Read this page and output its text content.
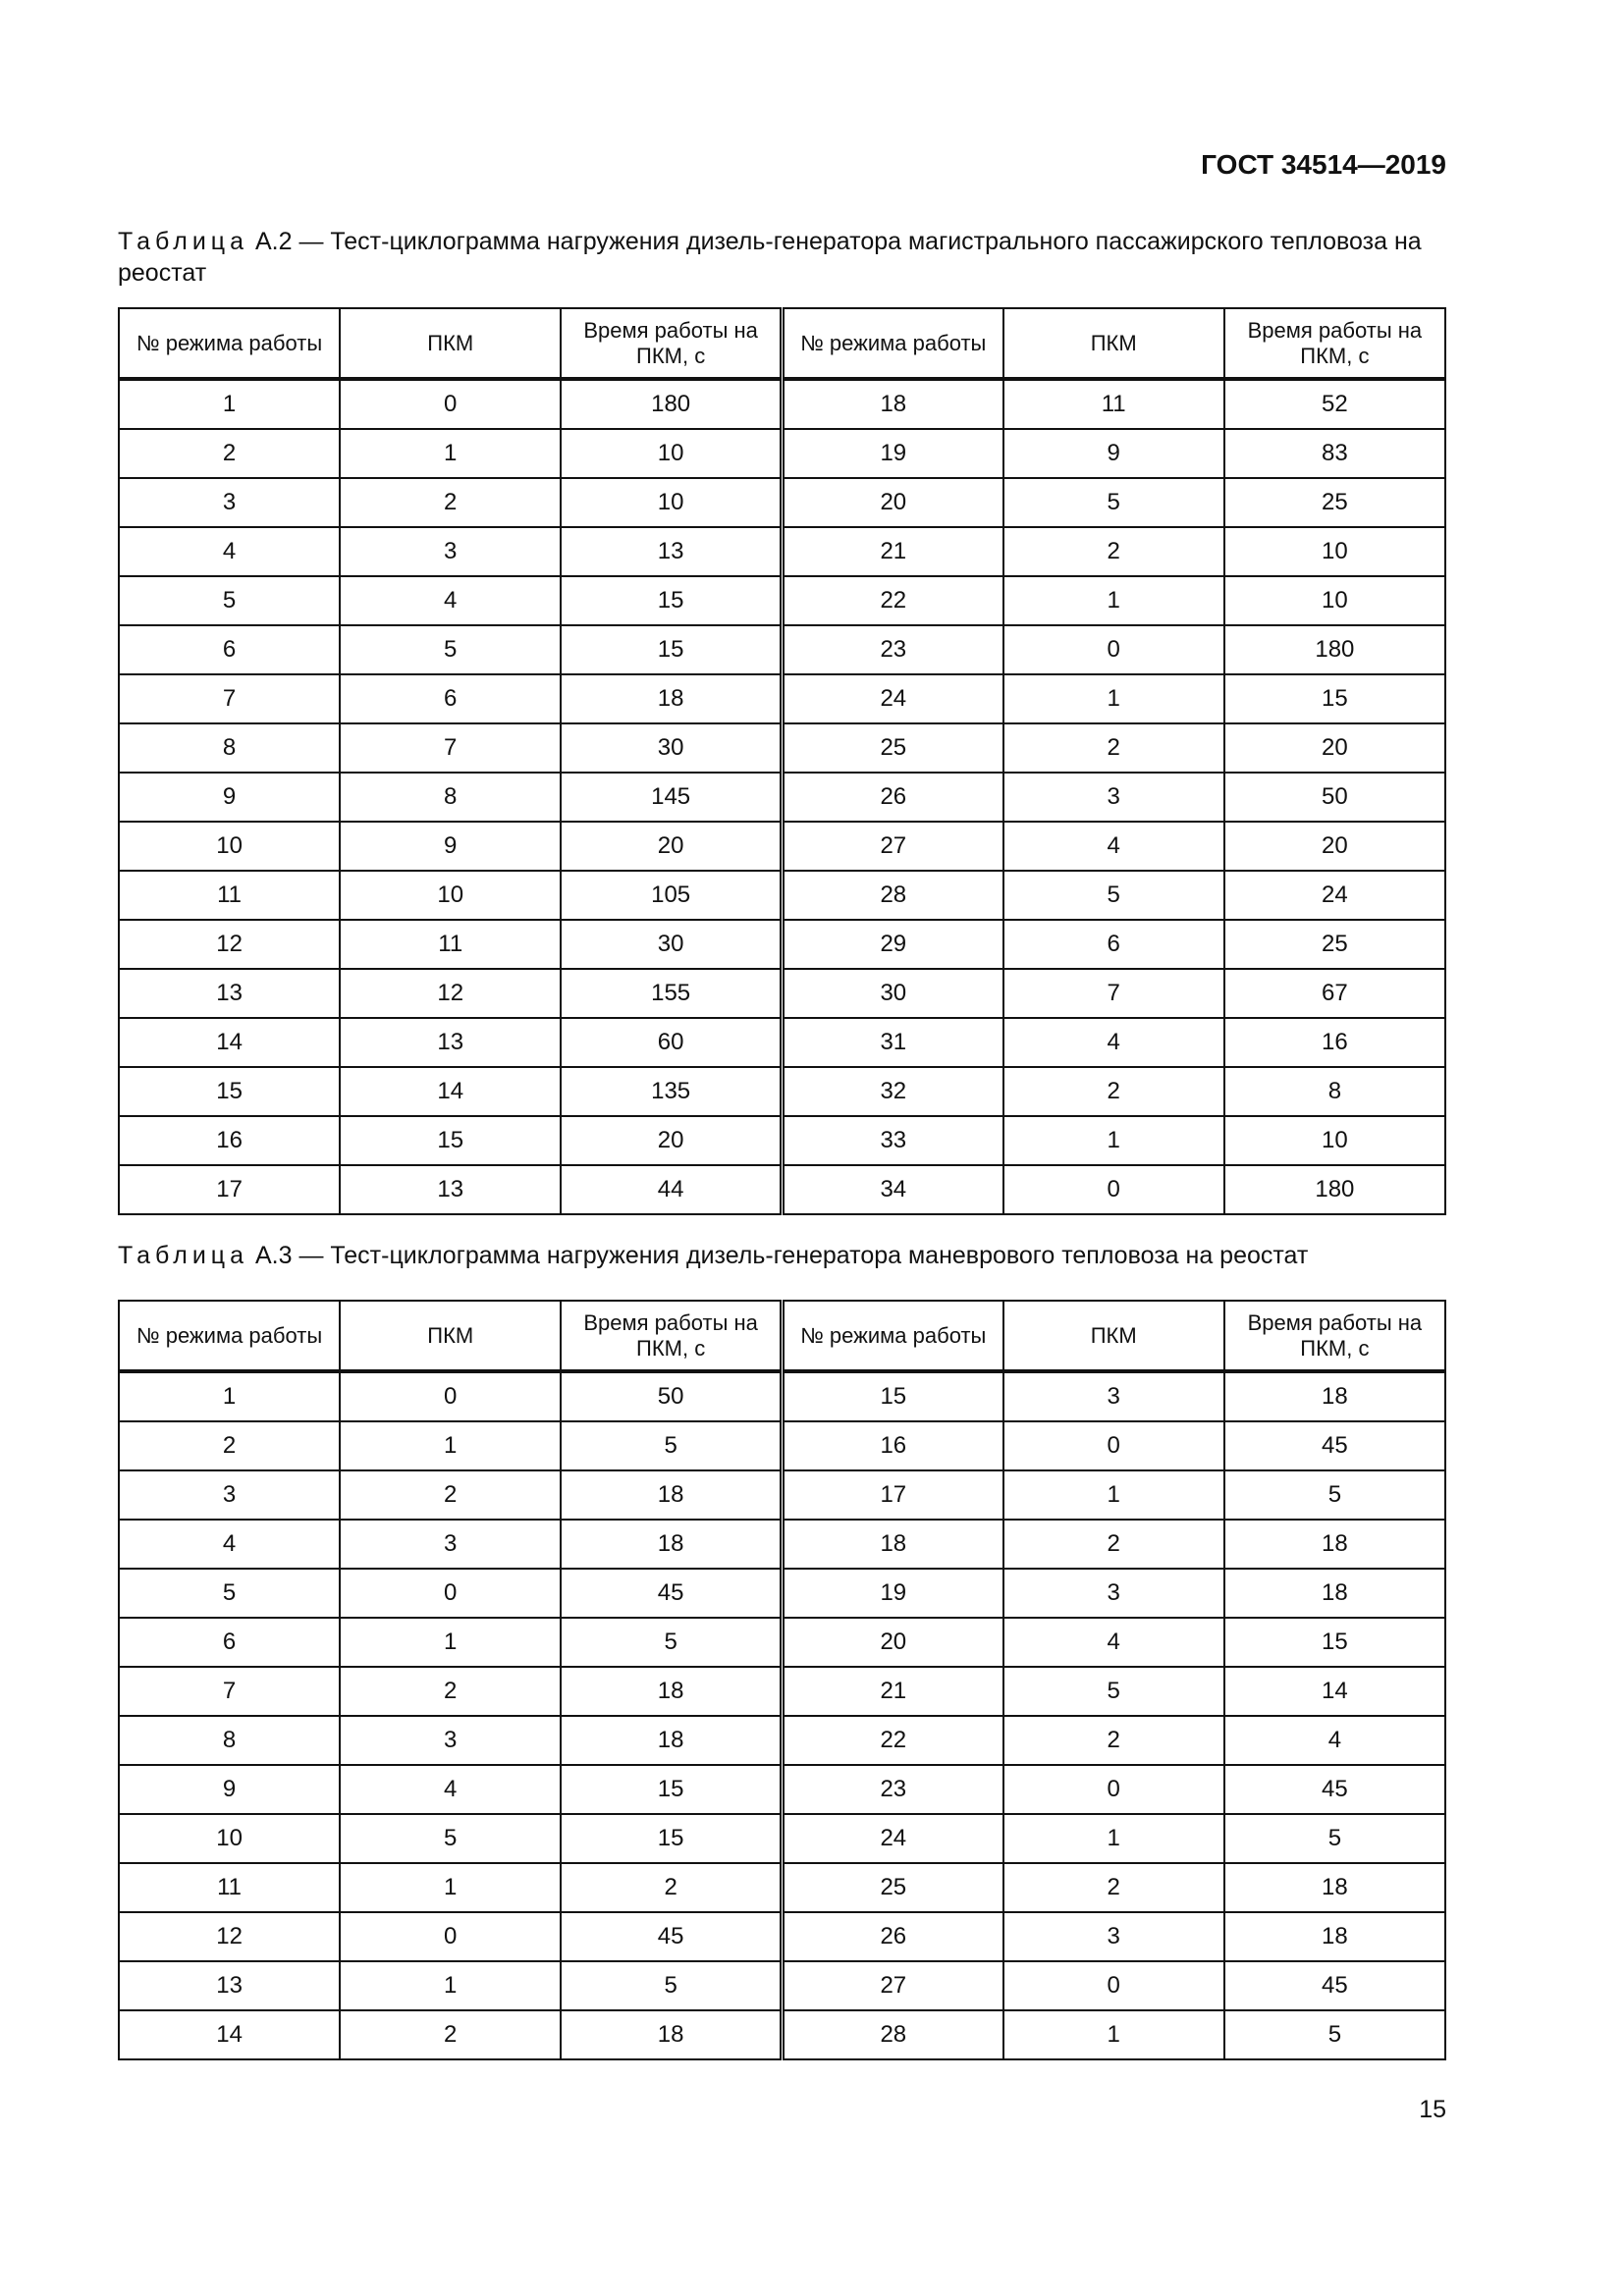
ГОСТ 34514—2019
Таблица А.2 — Тест-циклограмма нагружения дизель-генератора магистрального пассажирского тепловоза на реостат
№ режима работы	ПКМ	Время работы на ПКМ, с	№ режима работы	ПКМ	Время работы на ПКМ, с
1	0	180	18	11	52
2	1	10	19	9	83
3	2	10	20	5	25
4	3	13	21	2	10
5	4	15	22	1	10
6	5	15	23	0	180
7	6	18	24	1	15
8	7	30	25	2	20
9	8	145	26	3	50
10	9	20	27	4	20
11	10	105	28	5	24
12	11	30	29	6	25
13	12	155	30	7	67
14	13	60	31	4	16
15	14	135	32	2	8
16	15	20	33	1	10
17	13	44	34	0	180
Таблица А.3 — Тест-циклограмма нагружения дизель-генератора маневрового тепловоза на реостат
№ режима работы	ПКМ	Время работы на ПКМ, с	№ режима работы	ПКМ	Время работы на ПКМ, с
1	0	50	15	3	18
2	1	5	16	0	45
3	2	18	17	1	5
4	3	18	18	2	18
5	0	45	19	3	18
6	1	5	20	4	15
7	2	18	21	5	14
8	3	18	22	2	4
9	4	15	23	0	45
10	5	15	24	1	5
11	1	2	25	2	18
12	0	45	26	3	18
13	1	5	27	0	45
14	2	18	28	1	5
15
